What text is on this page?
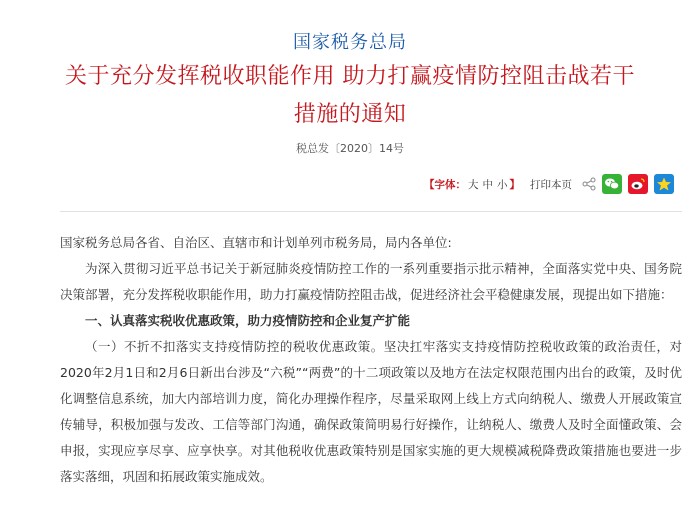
国家税务总局
关于充分发挥税收职能作用 助力打赢疫情防控阻击战若干措施的通知
税总发〔2020〕14号
【 字体： 大 中 小 】 打印本页

国家税务总局各省、自治区、直辖市和计划单列市税务局，局内各单位:

为深入贯彻习近平总书记关于新冠肺炎疫情防控工作的一系列重要指示批示精神，全面落实党中央、国务院决策部署，充分发挥税收职能作用，助力打赢疫情防控阻击战，促进经济社会平稳健康发展，现提出如下措施：

一、认真落实税收优惠政策，助力疫情防控和企业复产扩能

（一）不折不扣落实支持疫情防控的税收优惠政策。坚决扛牢落实支持疫情防控税收政策的政治责任，对2020年2月1日和2月6日新出台涉及“六税”“两费”的十二项政策以及地方在法定权限范围内出台的政策，及时优化调整信息系统，加大内部培训力度，简化办理操作程序，尽量采取网上线上方式向纳税人、缴费人开展政策宣传辅导，积极加强与发改、工信等部门沟通，确保政策简明易行好操作，让纳税人、缴费人及时全面懂政策、会申报，实现应享尽享、应享快享。对其他税收优惠政策特别是国家实施的更大规模减税降费政策措施也要进一步落实落细，巩固和拓展政策实施成效。
